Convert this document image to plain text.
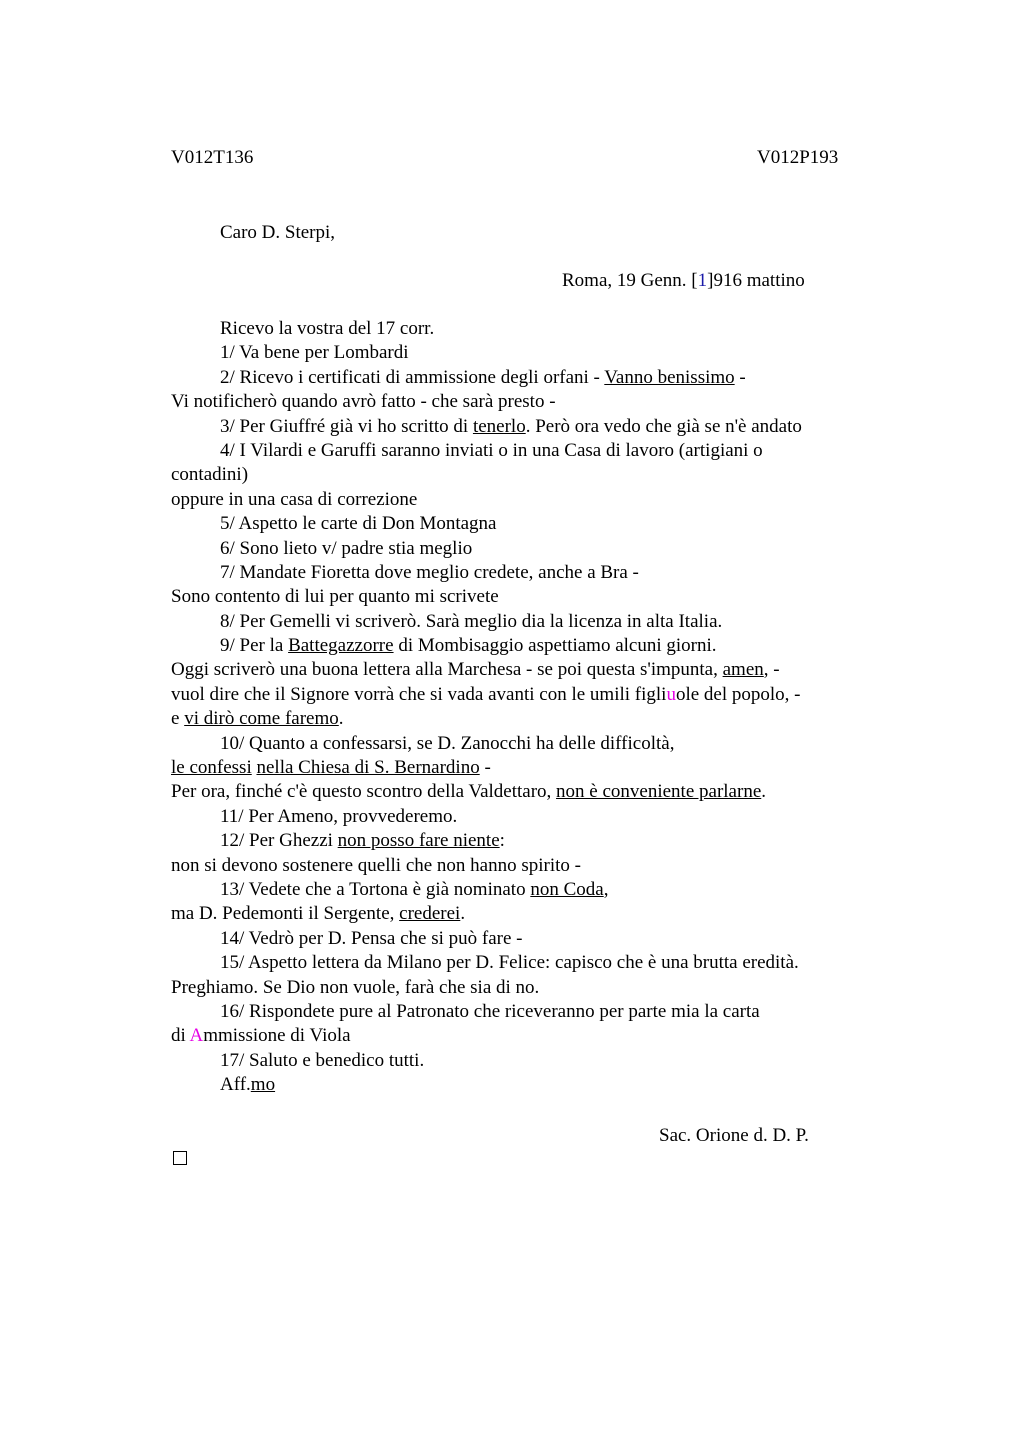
V012T136	V012P193
Caro D. Sterpi,
Roma, 19 Genn. [1]916 mattino
Ricevo la vostra del 17 corr.
1/ Va bene per Lombardi
2/ Ricevo i certificati di ammissione degli orfani - Vanno benissimo -
Vi notificherò quando avrò fatto - che sarà presto -
3/ Per Giuffré già vi ho scritto di tenerlo. Però ora vedo che già se n'è andato
4/ I Vilardi e Garuffi saranno inviati o in una Casa di lavoro (artigiani o
contadini)
oppure in una casa di correzione
5/ Aspetto le carte di Don Montagna
6/ Sono lieto v/ padre stia meglio
7/ Mandate Fioretta dove meglio credete, anche a Bra -
Sono contento di lui per quanto mi scrivete
8/ Per Gemelli vi scriverò. Sarà meglio dia la licenza in alta Italia.
9/ Per la Battegazzorre di Mombisaggio aspettiamo alcuni giorni.
Oggi scriverò una buona lettera alla Marchesa - se poi questa s'impunta, amen, -
vuol dire che il Signore vorrà che si vada avanti con le umili figliuole del popolo, -
e vi dirò come faremo.
10/ Quanto a confessarsi, se D. Zanocchi ha delle difficoltà,
le confessi nella Chiesa di S. Bernardino -
Per ora, finché c'è questo scontro della Valdettaro, non è conveniente parlarne.
11/ Per Ameno, provvederemo.
12/ Per Ghezzi non posso fare niente:
non si devono sostenere quelli che non hanno spirito -
13/ Vedete che a Tortona è già nominato non Coda,
ma D. Pedemonti il Sergente, crederei.
14/ Vedrò per D. Pensa che si può fare -
15/ Aspetto lettera da Milano per D. Felice: capisco che è una brutta eredità.
Preghiamo. Se Dio non vuole, farà che sia di no.
16/ Rispondete pure al Patronato che riceveranno per parte mia la carta
di Ammissione di Viola
17/ Saluto e benedico tutti.
Aff.mo
Sac. Orione d. D. P.
